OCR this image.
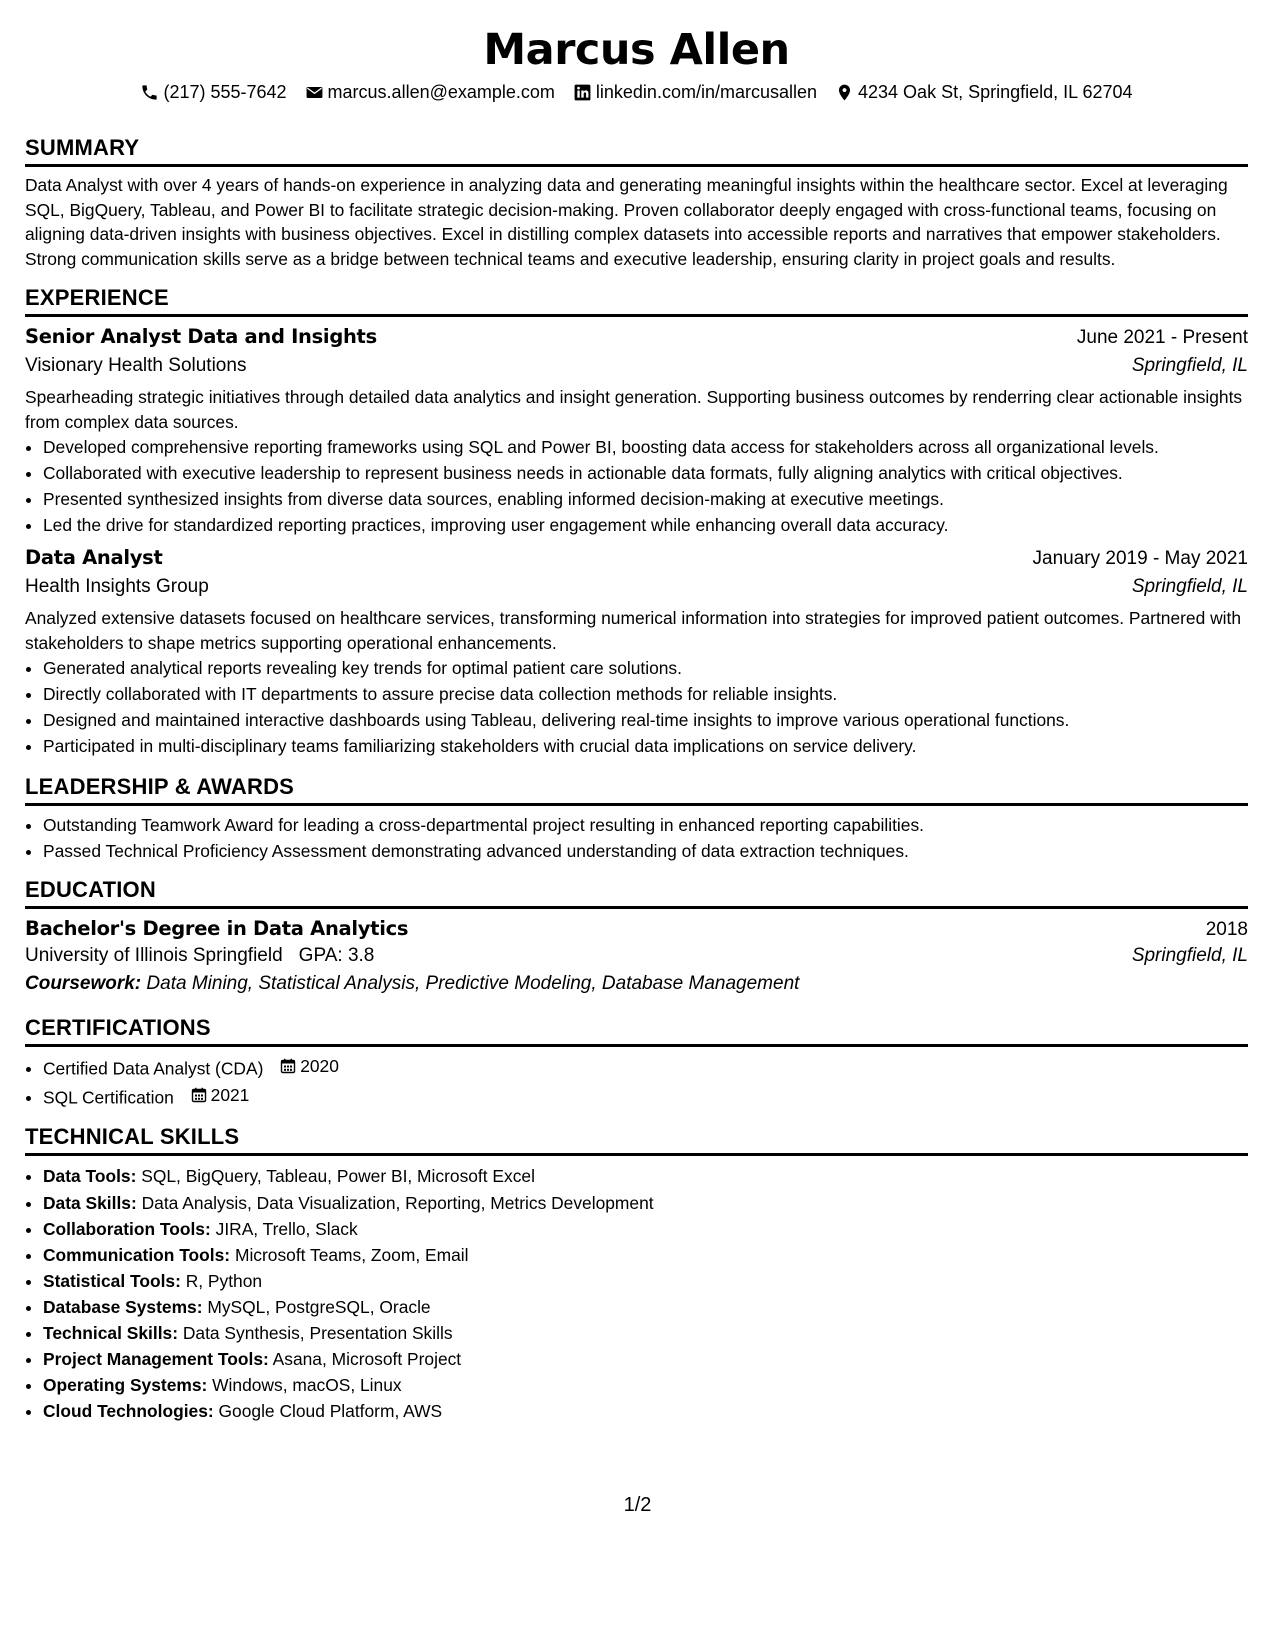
Marcus Allen
(217) 555-7642 marcus.allen@example.com linkedin.com/in/marcusallen 4234 Oak St, Springfield, IL 62704
SUMMARY

Data Analyst with over 4 years of hands-on experience in analyzing data and generating meaningful insights within the healthcare sector. Excel at leveraging SQL, BigQuery, Tableau, and Power BI to facilitate strategic decision-making. Proven collaborator deeply engaged with cross-functional teams, focusing on aligning data-driven insights with business objectives. Excel in distilling complex datasets into accessible reports and narratives that empower stakeholders. Strong communication skills serve as a bridge between technical teams and executive leadership, ensuring clarity in project goals and results.

EXPERIENCE
Senior Analyst Data and Insights	June 2021 - Present
Visionary Health Solutions	Springfield, IL

Spearheading strategic initiatives through detailed data analytics and insight generation. Supporting business outcomes by renderring clear actionable insights from complex data sources.

• Developed comprehensive reporting frameworks using SQL and Power BI, boosting data access for stakeholders across all organizational levels.
• Collaborated with executive leadership to represent business needs in actionable data formats, fully aligning analytics with critical objectives.
• Presented synthesized insights from diverse data sources, enabling informed decision-making at executive meetings.
• Led the drive for standardized reporting practices, improving user engagement while enhancing overall data accuracy.
Data Analyst	January 2019 - May 2021
Health Insights Group	Springfield, IL

Analyzed extensive datasets focused on healthcare services, transforming numerical information into strategies for improved patient outcomes. Partnered with stakeholders to shape metrics supporting operational enhancements.

• Generated analytical reports revealing key trends for optimal patient care solutions.
• Directly collaborated with IT departments to assure precise data collection methods for reliable insights.
• Designed and maintained interactive dashboards using Tableau, delivering real-time insights to improve various operational functions.
• Participated in multi-disciplinary teams familiarizing stakeholders with crucial data implications on service delivery.
LEADERSHIP & AWARDS
• Outstanding Teamwork Award for leading a cross-departmental project resulting in enhanced reporting capabilities.
• Passed Technical Proficiency Assessment demonstrating advanced understanding of data extraction techniques.
EDUCATION
Bachelor's Degree in Data Analytics	2018
University of Illinois Springfield GPA: 3.8	Springfield, IL
Coursework: Data Mining, Statistical Analysis, Predictive Modeling, Database Management
CERTIFICATIONS
• Certified Data Analyst (CDA) 2020
• SQL Certification 2021
TECHNICAL SKILLS
• Data Tools: SQL, BigQuery, Tableau, Power BI, Microsoft Excel
• Data Skills: Data Analysis, Data Visualization, Reporting, Metrics Development
• Collaboration Tools: JIRA, Trello, Slack
• Communication Tools: Microsoft Teams, Zoom, Email
• Statistical Tools: R, Python
• Database Systems: MySQL, PostgreSQL, Oracle
• Technical Skills: Data Synthesis, Presentation Skills
• Project Management Tools: Asana, Microsoft Project
• Operating Systems: Windows, macOS, Linux
• Cloud Technologies: Google Cloud Platform, AWS
1/2
